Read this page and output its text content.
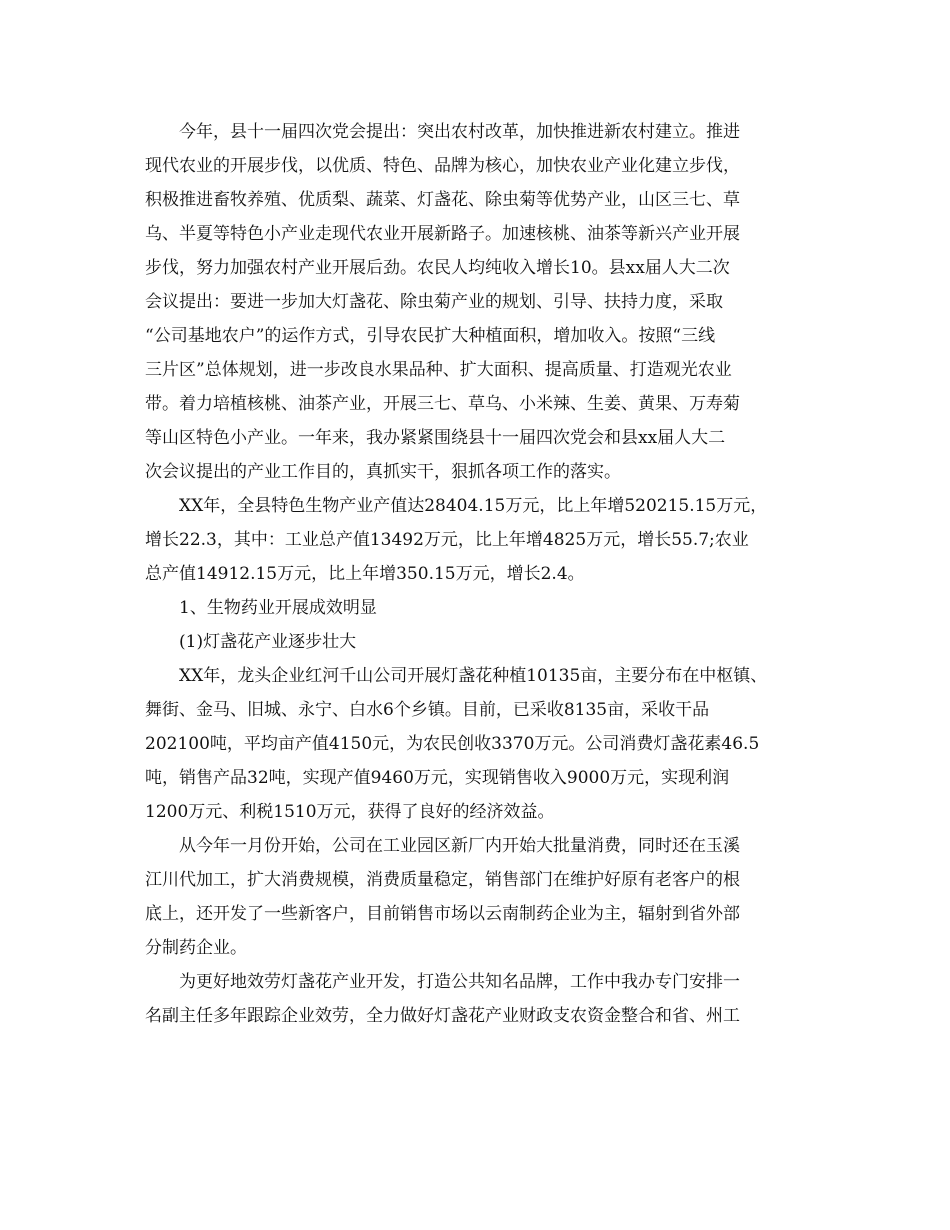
今年，县十一届四次党会提出：突出农村改革，加快推进新农村建立。推进
现代农业的开展步伐，以优质、特色、品牌为核心，加快农业产业化建立步伐，
积极推进畜牧养殖、优质梨、蔬菜、灯盏花、除虫菊等优势产业，山区三七、草
乌、半夏等特色小产业走现代农业开展新路子。加速核桃、油茶等新兴产业开展
步伐，努力加强农村产业开展后劲。农民人均纯收入增长10。县xx届人大二次
会议提出：要进一步加大灯盏花、除虫菊产业的规划、引导、扶持力度，采取
“公司基地农户”的运作方式，引导农民扩大种植面积，增加收入。按照“三线
三片区”总体规划，进一步改良水果品种、扩大面积、提高质量、打造观光农业
带。着力培植核桃、油茶产业，开展三七、草乌、小米辣、生姜、黄果、万寿菊
等山区特色小产业。一年来，我办紧紧围绕县十一届四次党会和县xx届人大二
次会议提出的产业工作目的，真抓实干，狠抓各项工作的落实。
XX年，全县特色生物产业产值达28404.15万元，比上年增520215.15万元，
增长22.3，其中：工业总产值13492万元，比上年增4825万元，增长55.7;农业
总产值14912.15万元，比上年增350.15万元，增长2.4。
1、生物药业开展成效明显
(1)灯盏花产业逐步壮大
XX年，龙头企业红河千山公司开展灯盏花种植10135亩，主要分布在中枢镇、
舞街、金马、旧城、永宁、白水6个乡镇。目前，已采收8135亩，采收干品
202100吨，平均亩产值4150元，为农民创收3370万元。公司消费灯盏花素46.5
吨，销售产品32吨，实现产值9460万元，实现销售收入9000万元，实现利润
1200万元、利税1510万元，获得了良好的经济效益。
从今年一月份开始，公司在工业园区新厂内开始大批量消费，同时还在玉溪
江川代加工，扩大消费规模，消费质量稳定，销售部门在维护好原有老客户的根
底上，还开发了一些新客户，目前销售市场以云南制药企业为主，辐射到省外部
分制药企业。
为更好地效劳灯盏花产业开发，打造公共知名品牌，工作中我办专门安排一
名副主任多年跟踪企业效劳，全力做好灯盏花产业财政支农资金整合和省、州工
